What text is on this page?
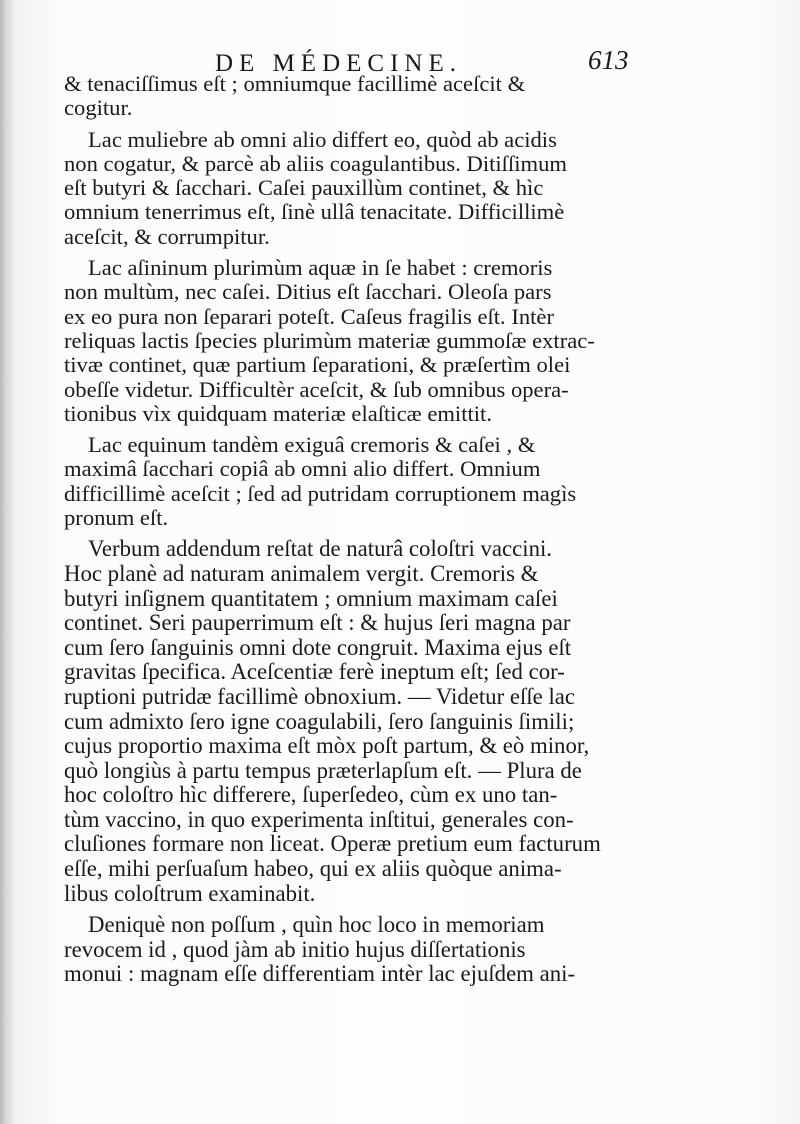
DE MÉDECINE.	613
& tenaciſſimus eſt ; omniumque facillimè aceſcit &
cogitur.
Lac muliebre ab omni alio differt eo, quòd ab acidis
non cogatur, & parcè ab aliis coagulantibus. Ditiſſimum
eſt butyri & ſacchari. Caſei pauxillùm continet, & hìc
omnium tenerrimus eſt, ſinè ullâ tenacitate. Difficillimè
aceſcit, & corrumpitur.
Lac aſininum plurimùm aquæ in ſe habet : cremoris
non multùm, nec caſei. Ditius eſt ſacchari. Oleoſa pars
ex eo pura non ſeparari poteſt. Caſeus fragilis eſt. Intèr
reliquas lactis ſpecies plurimùm materiæ gummoſæ extrac-
tivæ continet, quæ partium ſeparationi, & præſertìm olei
obeſſe videtur. Difficultèr aceſcit, & ſub omnibus opera-
tionibus vìx quidquam materiæ elaſticæ emittit.
Lac equinum tandèm exiguâ cremoris & caſei , &
maximâ ſacchari copiâ ab omni alio differt. Omnium
difficillimè aceſcit ; ſed ad putridam corruptionem magìs
pronum eſt.
Verbum addendum reſtat de naturâ coloſtri vaccini.
Hoc planè ad naturam animalem vergit. Cremoris &
butyri inſignem quantitatem ; omnium maximam caſei
continet. Seri pauperrimum eſt : & hujus ſeri magna par
cum ſero ſanguinis omni dote congruit. Maxima ejus eſt
gravitas ſpecifica. Aceſcentiæ ferè ineptum eſt; ſed cor-
ruptioni putridæ facillimè obnoxium. — Videtur eſſe lac
cum admixto ſero igne coagulabili, ſero ſanguinis ſimili;
cujus proportio maxima eſt mòx poſt partum, & eò minor,
quò longiùs à partu tempus præterlapſum eſt. — Plura de
hoc coloſtro hìc differere, ſuperſedeo, cùm ex uno tan-
tùm vaccino, in quo experimenta inſtitui, generales con-
cluſiones formare non liceat. Operæ pretium eum facturum
eſſe, mihi perſuaſum habeo, qui ex aliis quòque anima-
libus coloſtrum examinabit.
Deniquè non poſſum , quìn hoc loco in memoriam
revocem id , quod jàm ab initio hujus diſſertationis
monui : magnam eſſe differentiam intèr lac ejuſdem ani-
